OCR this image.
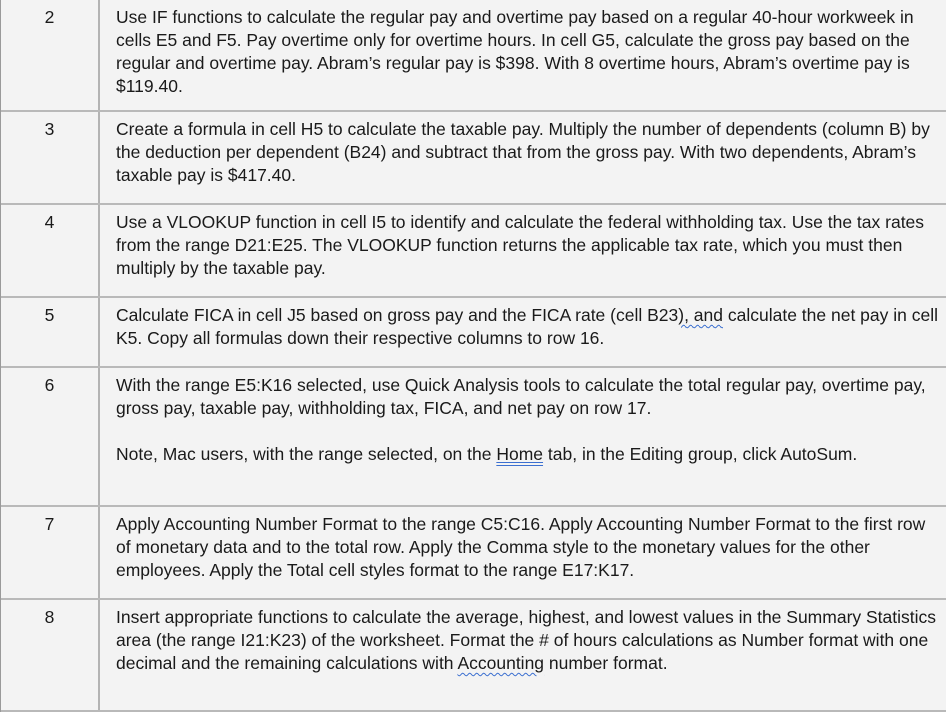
2	Use IF functions to calculate the regular pay and overtime pay based on a regular 40-hour workweek in cells E5 and F5. Pay overtime only for overtime hours. In cell G5, calculate the gross pay based on the regular and overtime pay. Abram’s regular pay is $398. With 8 overtime hours, Abram’s overtime pay is $119.40.

3	Create a formula in cell H5 to calculate the taxable pay. Multiply the number of dependents (column B) by the deduction per dependent (B24) and subtract that from the gross pay. With two dependents, Abram’s taxable pay is $417.40.

4	Use a VLOOKUP function in cell I5 to identify and calculate the federal withholding tax. Use the tax rates from the range D21:E25. The VLOOKUP function returns the applicable tax rate, which you must then multiply by the taxable pay.

5	Calculate FICA in cell J5 based on gross pay and the FICA rate (cell B23), and calculate the net pay in cell K5. Copy all formulas down their respective columns to row 16.

6	With the range E5:K16 selected, use Quick Analysis tools to calculate the total regular pay, overtime pay, gross pay, taxable pay, withholding tax, FICA, and net pay on row 17.

Note, Mac users, with the range selected, on the Home tab, in the Editing group, click AutoSum.

7	Apply Accounting Number Format to the range C5:C16. Apply Accounting Number Format to the first row of monetary data and to the total row. Apply the Comma style to the monetary values for the other employees. Apply the Total cell styles format to the range E17:K17.

8	Insert appropriate functions to calculate the average, highest, and lowest values in the Summary Statistics area (the range I21:K23) of the worksheet. Format the # of hours calculations as Number format with one decimal and the remaining calculations with Accounting number format.
